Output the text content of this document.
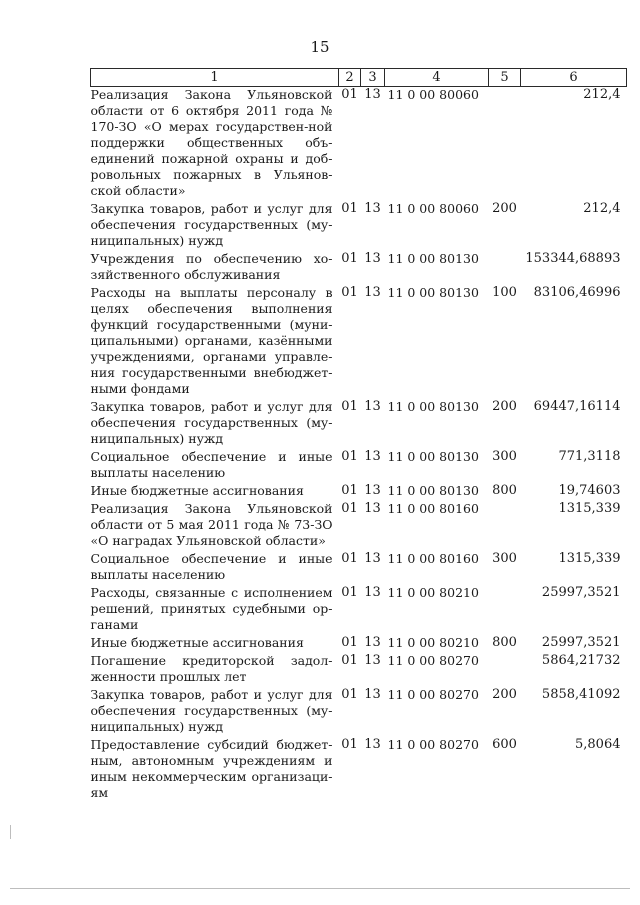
15
1	2	3	4	5	6
Реализация Закона Ульяновской области от 6 октября 2011 года № 170-ЗО «О мерах государствен-ной поддержки общественных объ-единений пожарной охраны и доб-ровольных пожарных в Ульянов-ской области»	01	13	11 0 00 80060		212,4
Закупка товаров, работ и услуг для обеспечения государственных (му-ниципальных) нужд	01	13	11 0 00 80060	200	212,4
Учреждения по обеспечению хо-зяйственного обслуживания	01	13	11 0 00 80130		153344,68893
Расходы на выплаты персоналу в целях обеспечения выполнения функций государственными (муни-ципальными) органами, казёнными учреждениями, органами управле-ния государственными внебюджет-ными фондами	01	13	11 0 00 80130	100	83106,46996
Закупка товаров, работ и услуг для обеспечения государственных (му-ниципальных) нужд	01	13	11 0 00 80130	200	69447,16114
Социальное обеспечение и иные выплаты населению	01	13	11 0 00 80130	300	771,3118
Иные бюджетные ассигнования	01	13	11 0 00 80130	800	19,74603
Реализация Закона Ульяновской области от 5 мая 2011 года № 73-ЗО «О наградах Ульяновской области»	01	13	11 0 00 80160		1315,339
Социальное обеспечение и иные выплаты населению	01	13	11 0 00 80160	300	1315,339
Расходы, связанные с исполнением решений, принятых судебными ор-ганами	01	13	11 0 00 80210		25997,3521
Иные бюджетные ассигнования	01	13	11 0 00 80210	800	25997,3521
Погашение кредиторской задол-женности прошлых лет	01	13	11 0 00 80270		5864,21732
Закупка товаров, работ и услуг для обеспечения государственных (му-ниципальных) нужд	01	13	11 0 00 80270	200	5858,41092
Предоставление субсидий бюджет-ным, автономным учреждениям и иным некоммерческим организаци-ям	01	13	11 0 00 80270	600	5,8064
